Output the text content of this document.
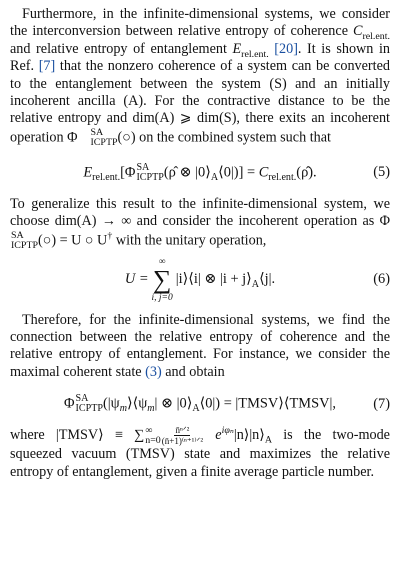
Furthermore, in the infinite-dimensional systems, we consider the interconversion between relative entropy of coherence $C_{rel.ent.}$ and relative entropy of entanglement $E_{rel.ent.}$ [20]. It is shown in Ref. [7] that the nonzero coherence of a system can be converted to the entanglement between the system (S) and an initially incoherent ancilla (A). For the contractive distance to be the relative entropy and dim(A) ⩾ dim(S), there exits an incoherent operation Φ	SA
ICPTP (○) on the combined system such that

$E_{rel.ent.}[\Phi$ SA
ICPTP (ρ̂ ⊗ $|0⟩_A⟨0|$)] = $C_{rel.ent.}(\rhô)$.	(5)

To generalize this result to the infinite-dimensional system, we choose dim(A) → ∞ and consider the incoherent operation as Φ
SA
ICPTP (○) = U ○ U† with the unitary operation,

U =
∞
∑
i, j=0
|i⟩⟨i| ⊗ $|i + j⟩_A⟨j|$.	(6)

Therefore, for the infinite-dimensional systems, we find the connection between the relative entropy of coherence and the relative entropy of entanglement. For instance, we consider the maximal coherent state (3) and obtain

Φ SA
ICPTP ($|\psi_m⟩⟨\psi_m|$ ⊗ $|0⟩_A⟨0|$) = |TMSV⟩⟨TMSV|,	(7)

where |TMSV⟩ ≡ ∑ ∞
$n=0 \frac{\text{n̄ⁿᐟ²}}{\text{(n̄+1)⁽ⁿ⁺¹⁾ᐟ²}}$ $e^{i\varphi_n}|n⟩|n⟩_A$ is the two-mode squeezed vacuum (TMSV) state and maximizes the relative entropy of entanglement, given a finite average particle number.
